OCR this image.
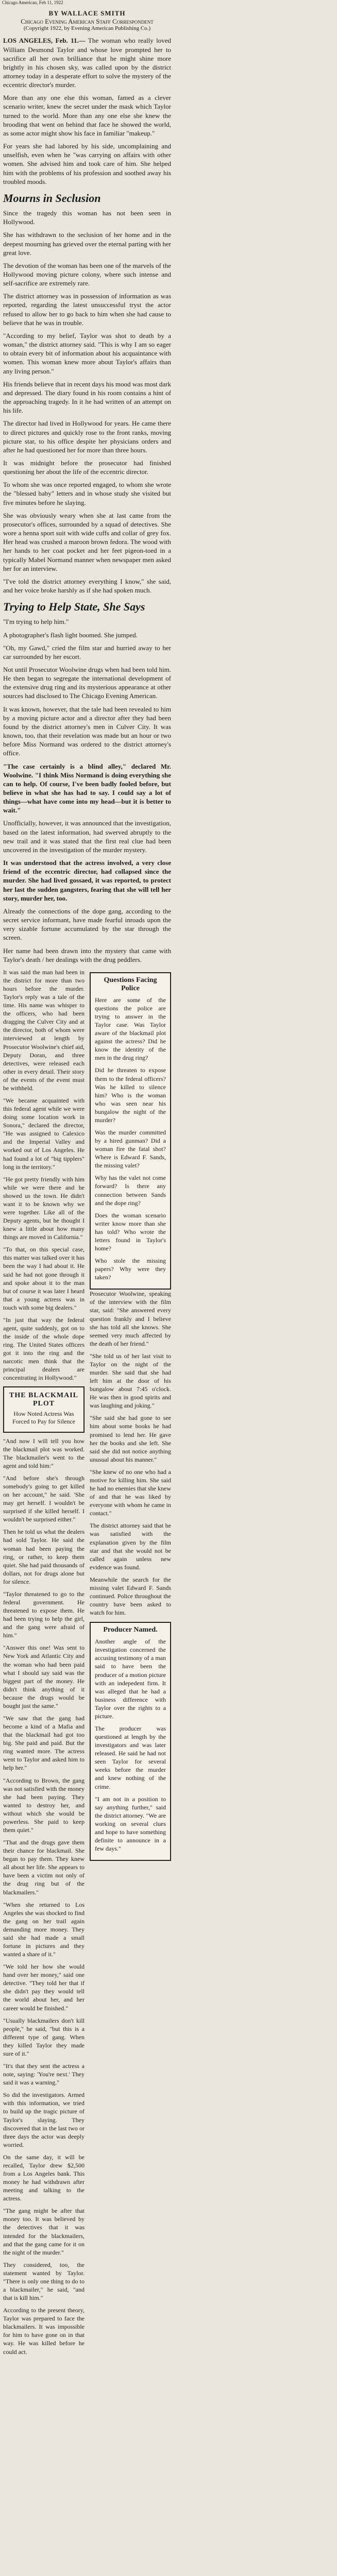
Chicago American, Feb 11, 1922
BY WALLACE SMITH
Chicago Evening American Staff Correspondent
(Copyright 1922, by Evening American Publishing Co.)

LOS ANGELES, Feb. 11.— The woman who really loved William Desmond Taylor and whose love prompted her to sacrifice all her own brilliance that he might shine more brightly in his chosen sky, was called upon by the district attorney today in a desperate effort to solve the mystery of the eccentric director's murder.

More than any one else this woman, famed as a clever scenario writer, knew the secret under the mask which Taylor turned to the world. More than any one else she knew the brooding that went on behind that face he showed the world, as some actor might show his face in familiar "makeup."

For years she had labored by his side, uncomplaining and unselfish, even when he "was carrying on affairs with other women. She advised him and took care of him. She helped him with the problems of his profession and soothed away his troubled moods.

Mourns in Seclusion

Since the tragedy this woman has not been seen in Hollywood.

She has withdrawn to the seclusion of her home and in the deepest mourning has grieved over the eternal parting with her great love.

The devotion of the woman has been one of the marvels of the Hollywood moving picture colony, where such intense and self-sacrifice are extremely rare.

The district attorney was in possession of information as was reported, regarding the latest unsuccessful tryst the actor refused to allow her to go back to him when she had cause to believe that he was in trouble.

"According to my belief, Taylor was shot to death by a woman," the district attorney said. "This is why I am so eager to obtain every bit of information about his acquaintance with women. This woman knew more about Taylor's affairs than any living person."

His friends believe that in recent days his mood was most dark and depressed. The diary found in his room contains a hint of the approaching tragedy. In it he had written of an attempt on his life.

The director had lived in Hollywood for years. He came there to direct pictures and quickly rose to the front ranks, moving picture star, to his office despite her physicians orders and after he had questioned her for more than three hours.

It was midnight before the prosecutor had finished questioning her about the life of the eccentric director.

To whom she was once reported engaged, to whom she wrote the "blessed baby" letters and in whose study she visited but five minutes before he slaying.

She was obviously weary when she at last came from the prosecutor's offices, surrounded by a squad of detectives. She wore a henna sport suit with wide cuffs and collar of grey fox. Her head was crushed a maroon brown fedora. The wood with her hands to her coat pocket and her feet pigeon-toed in a typically Mabel Normand manner when newspaper men asked her for an interview.

"I've told the district attorney everything I know," she said, and her voice broke harshly as if she had spoken much.

Trying to Help State, She Says

"I'm trying to help him."

A photographer's flash light boomed. She jumped.

"Oh, my Gawd," cried the film star and hurried away to her car surrounded by her escort.

Not until Prosecutor Woolwine drugs when had been told him. He then began to segregate the international development of the extensive drug ring and its mysterious appearance at other sources had disclosed to The Chicago Evening American.

It was known, however, that the tale had been revealed to him by a moving picture actor and a director after they had been found by the district attorney's men in Culver City. It was known, too, that their revelation was made but an hour or two before Miss Normand was ordered to the district attorney's office.

"The case certainly is a blind alley," declared Mr. Woolwine. "I think Miss Normand is doing everything she can to help. Of course, I've been badly fooled before, but believe in what she has had to say. I could say a lot of things—what have come into my head—but it is better to wait."

Unofficially, however, it was announced that the investigation, based on the latest information, had swerved abruptly to the new trail and it was stated that the first real clue had been uncovered in the investigation of the murder mystery.

It was understood that the actress involved, a very close friend of the eccentric director, had collapsed since the murder. She had lived gossaed, it was reported, to protect her last the sudden gangsters, fearing that she will tell her story, murder her, too.

Already the connections of the dope gang, according to the secret service informant, have made fearful inroads upon the very sizable fortune accumulated by the star through the screen.

Her name had been drawn into the mystery that came with Taylor's death / her dealings with the drug peddlers.

It was said the man had been in the district for more than two hours before the murder. Taylor's reply was a tale of the time. His name was whisper to the officers, who had been dragging the Culver City and at the director, both of whom were interviewed at length by Prosecutor Woolwine's chief aid, Deputy Doran, and three detectives, were released each other in every detail. Their story of the events of the event must be withheld.

"We became acquainted with this federal agent while we were doing some location work in Sonora," declared the director, "He was assigned to Calexico and the Imperial Valley and worked out of Los Angeles. He had found a lot of "big tipplers" long in the territory."

"He got pretty friendly with him while we were there and he showed us the town. He didn't want it to be known why we were together. Like all of the Deputy agents, but he thought I knew a little about how many things are moved in California."

"To that, on this special case, this matter was talked over it has been the way I had about it. He said he had not gone through it and spoke about it to the man but of course it was later I heard that a young actress was in touch with some big dealers."

"In just that way the federal agent, quite suddenly, got on to the inside of the whole dope ring. The United States officers got it into the ring and the narcotic men think that the principal dealers are concentrating in Hollywood."

THE BLACKMAIL PLOT
How Noted Actress Was Forced to Pay for Silence

"And now I will tell you how the blackmail plot was worked. The blackmailer's went to the agent and told him:"

"And before she's through somebody's going to get killed on her account," he said. 'She may get herself. I wouldn't be surprised if she killed herself. I wouldn't be surprised either."

Then he told us what the dealers had sold Taylor. He said the woman had been paying the ring, or rather, to keep them quiet. She had paid thousands of dollars, not for drugs alone but for silence.

"Taylor threatened to go to the federal government. He threatened to expose them. He had been trying to help the girl, and the gang were afraid of him."

"Answer this one! Was sent to New York and Atlantic City and the woman who had been paid what I should say said was the biggest part of the money. He didn't think anything of it because the drugs would be bought just the same."

"We saw that the gang had become a kind of a Mafia and that the blackmail had got too big. She paid and paid. But the ring wanted more. The actress went to Taylor and asked him to help her."

"According to Brown, the gang was not satisfied with the money she had been paying. They wanted to destroy her, and without which she would be powerless. She paid to keep them quiet."

"That and the drugs gave them their chance for blackmail. She began to pay them. They knew all about her life. She appears to have been a victim not only of the drug ring but of the blackmailers."

"When she returned to Los Angeles she was shocked to find the gang on her trail again demanding more money. They said she had made a small fortune in pictures and they wanted a share of it."

"We told her how she would hand over her money," said one detective. "They told her that if she didn't pay they would tell the world about her, and her career would be finished."

"Usually blackmailers don't kill people," he said, "but this is a different type of gang. When they killed Taylor they made sure of it."

"It's that they sent the actress a note, saying: 'You're next.' They said it was a warning."

So did the investigators. Armed with this information, we tried to build up the tragic picture of Taylor's slaying. They discovered that in the last two or three days the actor was deeply worried.

On the same day, it will be recalled, Taylor drew $2,500 from a Los Angeles bank. This money he had withdrawn after meeting and talking to the actress.

"The gang might be after that money too. It was believed by the detectives that it was intended for the blackmailers, and that the gang came for it on the night of the murder."

They considered, too, the statement wanted by Taylor. "There is only one thing to do to a blackmailer," he said, "and that is kill him."

According to the present theory, Taylor was prepared to face the blackmailers. It was impossible for him to have gone on in that way. He was killed before he could act.

Questions Facing Police

Here are some of the questions the police are trying to answer in the Taylor case. Was Taylor aware of the blackmail plot against the actress? Did he know the identity of the men in the drug ring?

Did he threaten to expose them to the federal officers? Was he killed to silence him? Who is the woman who was seen near his bungalow the night of the murder?

Was the murder committed by a hired gunman? Did a woman fire the fatal shot? Where is Edward F. Sands, the missing valet?

Why has the valet not come forward? Is there any connection between Sands and the dope ring?

Does the woman scenario writer know more than she has told? Who wrote the letters found in Taylor's home?

Who stole the missing papers? Why were they taken?

Prosecutor Woolwine, speaking of the interview with the film star, said: "She answered every question frankly and I believe she has told all she knows. She seemed very much affected by the death of her friend."

"She told us of her last visit to Taylor on the night of the murder. She said that she had left him at the door of his bungalow about 7:45 o'clock. He was then in good spirits and was laughing and joking."

"She said she had gone to see him about some books he had promised to lend her. He gave her the books and she left. She said she did not notice anything unusual about his manner."

"She knew of no one who had a motive for killing him. She said he had no enemies that she knew of and that he was liked by everyone with whom he came in contact."

The district attorney said that he was satisfied with the explanation given by the film star and that she would not be called again unless new evidence was found.

Meanwhile the search for the missing valet Edward F. Sands continued. Police throughout the country have been asked to watch for him.

Producer Named.

Another angle of the investigation concerned the accusing testimony of a man said to have been the producer of a motion picture with an indepedent firm. It was alleged that he had a business difference with Taylor over the rights to a picture.

The producer was questioned at length by the investigators and was later released. He said he had not seen Taylor for several weeks before the murder and knew nothing of the crime.

"I am not in a position to say anything further," said the district attorney. "We are working on several clues and hope to have something definite to announce in a few days."
